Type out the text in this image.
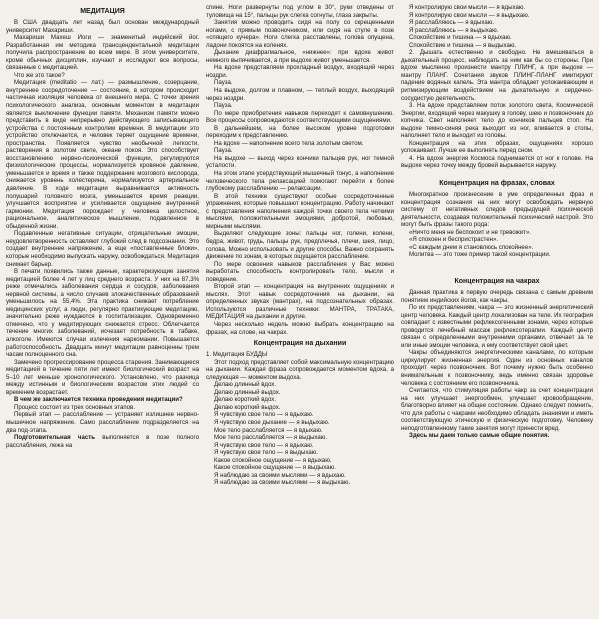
МЕДИТАЦИЯ

В США двадцать лет назад был основан международный университет Махариши.

Махариши Махеш Иоги — знаменитый индийский йог. Разработанная им методика трансцендентальной медитации получила распространение во всем мире. В этом университете, кроме обычных дисциплин, изучают и исследуют все вопросы, связанные с медитацией.

Что же это такое?

Медитация (meditatio — лат.) — размышление, созерцание, внутреннее сосредоточение — состояние, в котором происходит частичная изоляция человека от внешнего мира. С точки зрения психологического анализа, основным моментом в медитации является выключение функции памяти. Механизм памяти можно представить в виде непрерывно действующего записывающего устройства с постоянным контролем времени. В медитации это устройство отключается, и человек теряет ощущение времени, пространства. Появляется чувство необычной легкости, растворения в золотом свете, океане покоя. Это способствует восстановлению нервно-психической функции, регулируются физиологические процессы, нормализуется кровяное давление, уменьшается и время и также поддержание мозгового кислорода, снижается уровень холестерина, нормализуется артериальное давление. В ходе медитации выравнивается активность полушарий головного мозга, уменьшается время реакции, улучшается восприятие и усиливается ощущение внутренней гармонии. Медитация порождает у человека целостное, рациональное, аналитическое мышление, подавленное в обыденной жизни.

Подавленные негативные ситуации, отрицательные эмоции, неудовлетворенность оставляют глубокий след в подсознании. Это создает внутреннее напряжение, а еще «поставленные блоки», которые необходимо выпускать наружу, освобождаться. Медитация снимает барьер.

В печати появились также данные, характеризующие занятия медитацией более 4 лет у лиц среднего возраста. У них на 87,3% реже отмечались заболевания сердца и сосудов, заболевания нервной системы, а число случаев злокачественных образований уменьшилось на 55,4%. Эта практика снижает потребление медицинских услуг, а люди, регулярно практикующие медитацию, значительно реже нуждаются в госпитализации. Одновременно отмечено, что у медитирующих снижается стресс. Облегчается течение многих заболеваний, исчезает потребность в табаке, алкоголе. Имеются случаи излечения наркомании. Повышается работоспособность. Двадцать минут медитации равноценны трем часам полноценного сна.

Замечено прогрессирование процесса старения. Занимающиеся медитацией в течение пяти лет имеют биологический возраст на 5–10 лет меньше хронологического. Установлено, что разница между истинным и биологическим возрастом этих людей со временем возрастает.

В чем же заключается техника проведения медитации?

Процесс состоит из трех основных этапов.

Первый этап — расслабление — устраняет излишнее нервно-мышечное напряжение. Само расслабление подразделяется на два под-этапа.

Подготовительная часть выполняется в позе полного расслабления, лежа на

спине. Ноги развернуты под углом в 30°, руки отведены от туловища на 15°, пальцы рук слегка согнуты, глаза закрыты.

Занятия можно проводить сидя на полу со скрещенными ногами, с прямым позвоночником, или сидя на стуле в позе «спящего кучера». Ноги слегка расставлены, голова опущена, ладони покоятся на коленях.

Дыхание диафрагмальное, «нижнее»: при вдохе живот немного выпячивается, а при выдохе живот уменьшается.

На вдохе представляем прохладный воздух, входящий через ноздри.

Пауза.

На выдохе, долгом и плавном, — теплый воздух, выходящий через ноздри.

Пауза.

По мере приобретения навыков переходят к самовнушению. Все процессы сопровождаются соответствующими ощущениями.

В дальнейшем, на более высоком уровне подготовки переходим к представлению.

На вдохе — наполнение всего тела золотым светом.

Пауза.

На выдохе — выход через кончики пальцев рук, ног темной усталости.

На этом этапе усердствующий мышечный тонус, а наполнение человеческого тела релаксацией помогают перейти к более глубокому расслаблению — релаксации.

В этой технике существуют особые сосредоточенные упражнения, которые повышают концентрацию. Работу начинают с представления наполнения каждой точки своего тела четкими мыслями, положительными эмоциями, добротой, любовью, мирными мыслями.

Выделяют следующие зоны: пальцы ног, голени, колени, бедра, живот, грудь, пальцы рук, предплечья, плечи, шея, лицо, голова. Можно использовать и другие способы. Важно сохранять движение по зонам, в которых ощущается расслабление.

По мере освоения навыков расслабления у Вас можно выработать способность контролировать тело, мысли и поведение.

Второй этап — концентрация на внутренних ощущениях и мыслях. Этот навык сосредоточения на дыхании, на определенных звуках (мантрах), на подсознательных образах. Используются различные техники: МАНТРА, ТРАТАКА, МЕДИТАЦИЯ на дыхании и другие.

Через несколько недель можно выбрать концентрацию на фразах, на слове, на чакрах.

Концентрация на дыхании

1. Медитация БУДДЫ

Этот подход представляет собой максимальную концентрацию на дыхании. Каждая фраза сопровождается моментом вдоха, а следующая — моментом выдоха.

Делаю длинный вдох.

Делаю длинный выдох.

Делаю короткий вдох.

Делаю короткий выдох.

Я чувствую свое тело — я вдыхаю.

Я чувствую свое дыхание — я выдыхаю.

Мое тело расслабляется — я вдыхаю.

Мое тело расслабляется — я выдыхаю.

Я чувствую свое тело — я вдыхаю.

Я чувствую свое тело — я выдыхаю.

Какое спокойное ощущение — я вдыхаю.

Какое спокойное ощущение — я выдыхаю.

Я наблюдаю за своими мыслями — я вдыхаю.

Я наблюдаю за своими мыслями — я выдыхаю.

Я контролирую свои мысли — я вдыхаю.

Я контролирую свои мысли — я выдыхаю.

Я расслабляюсь — я вдыхаю.

Я расслабляюсь — я выдыхаю.

Спокойствие и тишина — я вдыхаю.

Спокойствие и тишина — я выдыхаю.

2. Дышать естественно и свободно. Не вмешиваться в дыхательный процесс, наблюдать за ним как бы со стороны. При вдохе мысленно произнести мантру ПЛИНГ, а при выдохе — мантру ПЛАНГ. Сочетания звуков ПЛИНГ-ПЛАНГ имитируют падение водяных капель. Эта мантра обладает успокаивающим и ритмизирующим воздействием на дыхательную и сердечно-сосудистую деятельность.

3. На вдохе представляем поток золотого света, Космической Энергии, входящий через макушку в голову, шею и позвоночник до копчика. Свет наполняет тело до кончиков пальцев стоп. На выдохе темно-синяя река выходит из ног, вливается в стопы, наполняет тело и выходит из головы.

Концентрация на этих образах, ощущениях хорошо успокаивает. Лучше ее выполнять перед сном.

4. На вдохе энергия Космоса поднимается от ног к голове. На выдохе через точку между бровей вырывается наружу.

Концентрация на фразах, словах

Многократное произнесение в уме определенных фраз и концентрация сознания на них могут освобождать нервную систему от негативных следов предыдущей психической деятельности, создавая положительный психический настрой. Это могут быть фразы такого рода:

«Ничто меня не беспокоит и не тревожит».

«Я спокоен и беспристрастен».

«С каждым днем я становлюсь спокойнее».

Молитва — это тоже пример такой концентрации.

Концентрация на чакрах

Данная практика в первую очередь связана с самым древним понятием индийских йогов, как чакры.

По их представлениям, чакра — это жизненный энергетический центр человека. Каждый центр локализован на теле. Их география совпадает с известными рефлексогенными зонами, через которые проводится лечебный массаж рефлексотерапии. Каждый центр связан с определенными внутренними органами, отвечает за те или иные эмоции человека, и ему соответствует свой цвет.

Чакры объединяются энергетическими каналами, по которым циркулирует жизненная энергия. Один из основных каналов проходит через позвоночник. Вот почему нужно быть особенно внимательным к позвоночнику, ведь именно связан здоровье человека с состоянием его позвоночника.

Считается, что стимуляция работы чакр за счет концентрации на них улучшает энергообмен, улучшает кровообращение, благотворно влияет на общее состояние. Однако следует помнить, что для работы с чакрами необходимо обладать знаниями и иметь соответствующую этическую и физическую подготовку. Человеку неподготовленному такие занятия могут принести вред.

Здесь мы даем только самые общие понятия.
